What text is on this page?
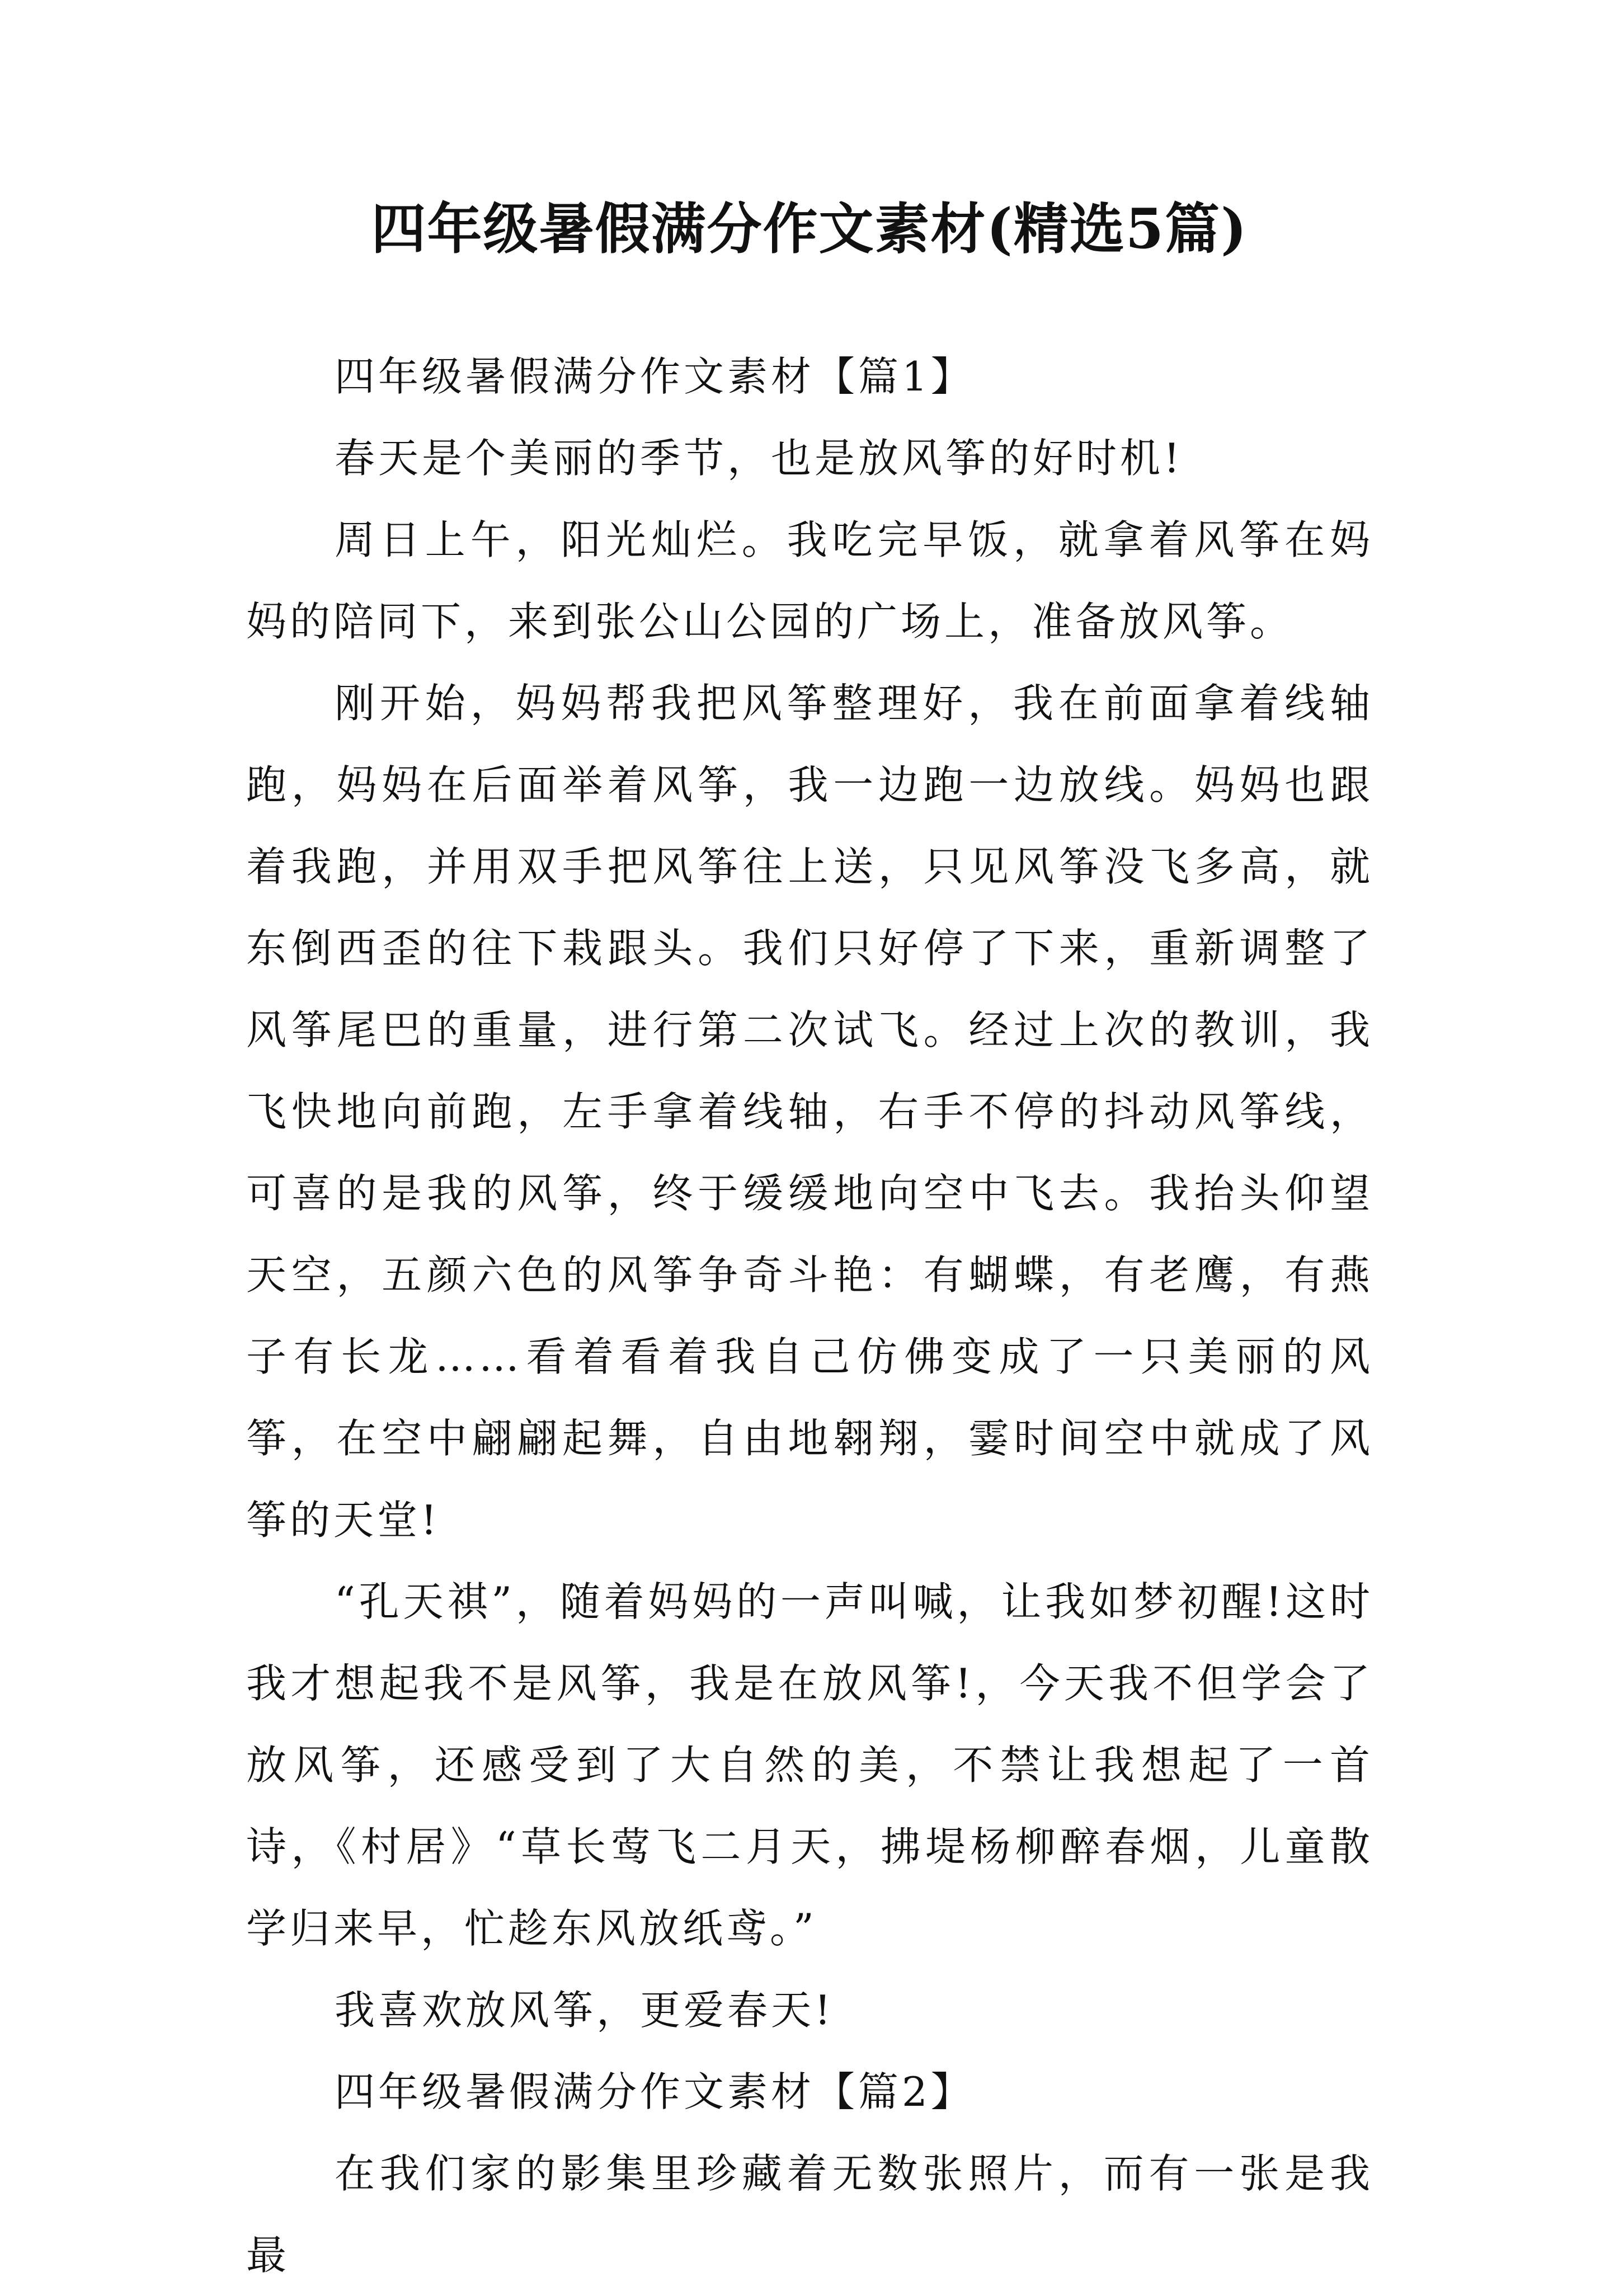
四年级暑假满分作文素材(精选5篇)

四年级暑假满分作文素材【篇1】

春天是个美丽的季节，也是放风筝的好时机!

周日上午，阳光灿烂。我吃完早饭，就拿着风筝在妈妈的陪同下，来到张公山公园的广场上，准备放风筝。

刚开始，妈妈帮我把风筝整理好，我在前面拿着线轴跑，妈妈在后面举着风筝，我一边跑一边放线。妈妈也跟着我跑，并用双手把风筝往上送，只见风筝没飞多高，就东倒西歪的往下栽跟头。我们只好停了下来，重新调整了风筝尾巴的重量，进行第二次试飞。经过上次的教训，我飞快地向前跑，左手拿着线轴，右手不停的抖动风筝线，可喜的是我的风筝，终于缓缓地向空中飞去。我抬头仰望天空，五颜六色的风筝争奇斗艳：有蝴蝶，有老鹰，有燕子有长龙……看着看着我自己仿佛变成了一只美丽的风筝，在空中翩翩起舞，自由地翱翔，霎时间空中就成了风筝的天堂!

“孔天祺”，随着妈妈的一声叫喊，让我如梦初醒!这时我才想起我不是风筝，我是在放风筝!，今天我不但学会了放风筝，还感受到了大自然的美，不禁让我想起了一首诗，《村居》“草长莺飞二月天，拂堤杨柳醉春烟，儿童散学归来早，忙趁东风放纸鸢。”

我喜欢放风筝，更爱春天!

四年级暑假满分作文素材【篇2】

在我们家的影集里珍藏着无数张照片，而有一张是我最
